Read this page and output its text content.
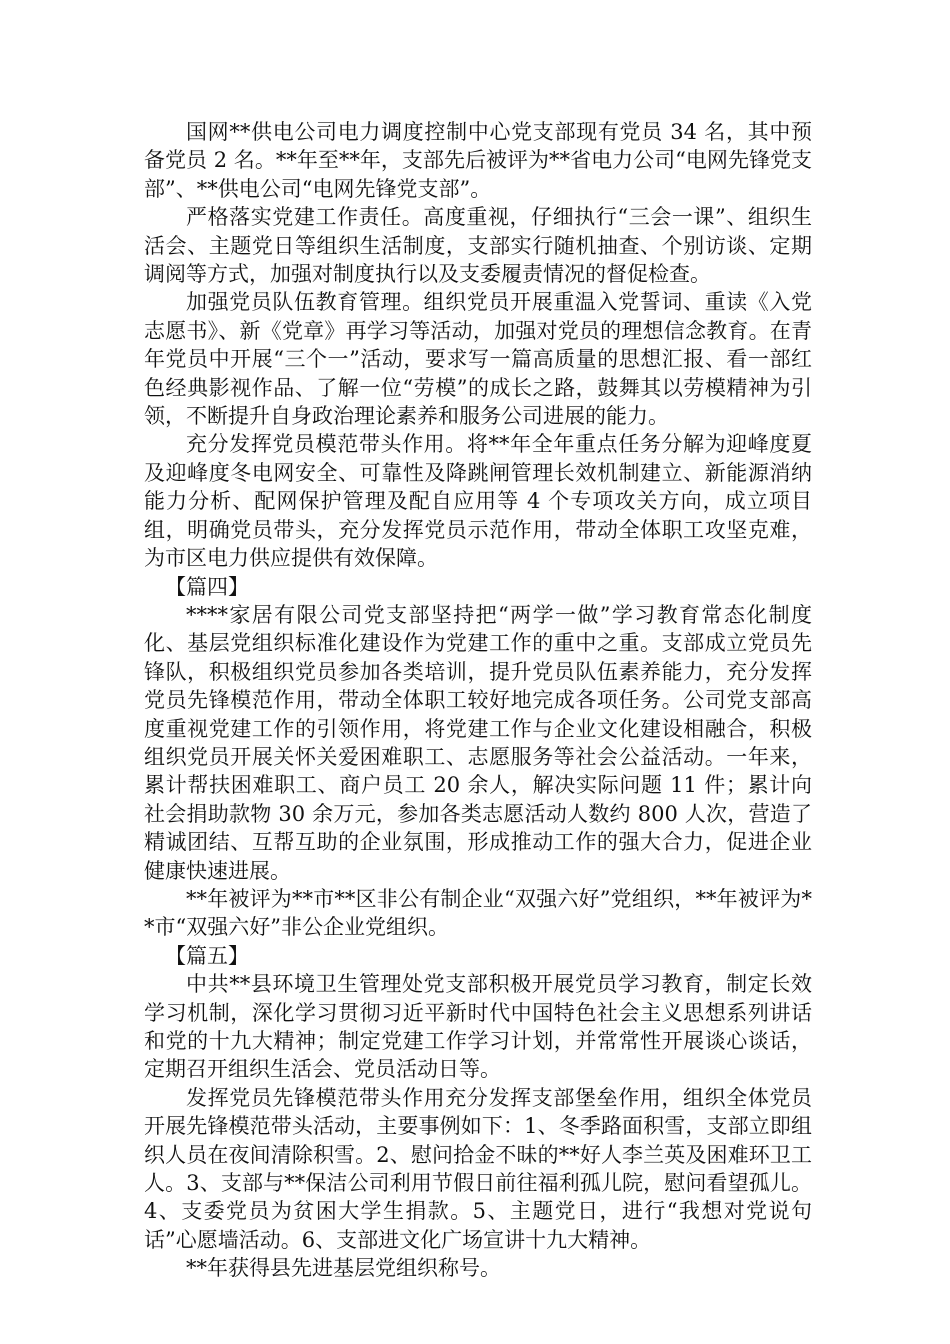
国网**供电公司电力调度控制中心党支部现有党员 34 名，其中预备党员 2 名。**年至**年，支部先后被评为**省电力公司“电网先锋党支部”、**供电公司“电网先锋党支部”。

严格落实党建工作责任。高度重视，仔细执行“三会一课”、组织生活会、主题党日等组织生活制度，支部实行随机抽查、个别访谈、定期调阅等方式，加强对制度执行以及支委履责情况的督促检查。

加强党员队伍教育管理。组织党员开展重温入党誓词、重读《入党志愿书》、新《党章》再学习等活动，加强对党员的理想信念教育。在青年党员中开展“三个一”活动，要求写一篇高质量的思想汇报、看一部红色经典影视作品、了解一位“劳模”的成长之路，鼓舞其以劳模精神为引领，不断提升自身政治理论素养和服务公司进展的能力。

充分发挥党员模范带头作用。将**年全年重点任务分解为迎峰度夏及迎峰度冬电网安全、可靠性及降跳闸管理长效机制建立、新能源消纳能力分析、配网保护管理及配自应用等 4 个专项攻关方向，成立项目组，明确党员带头，充分发挥党员示范作用，带动全体职工攻坚克难，为市区电力供应提供有效保障。

【篇四】

****家居有限公司党支部坚持把“两学一做”学习教育常态化制度化、基层党组织标准化建设作为党建工作的重中之重。支部成立党员先锋队，积极组织党员参加各类培训，提升党员队伍素养能力，充分发挥党员先锋模范作用，带动全体职工较好地完成各项任务。公司党支部高度重视党建工作的引领作用，将党建工作与企业文化建设相融合，积极组织党员开展关怀关爱困难职工、志愿服务等社会公益活动。一年来，累计帮扶困难职工、商户员工 20 余人，解决实际问题 11 件；累计向社会捐助款物 30 余万元，参加各类志愿活动人数约 800 人次，营造了精诚团结、互帮互助的企业氛围，形成推动工作的强大合力，促进企业健康快速进展。

**年被评为**市**区非公有制企业“双强六好”党组织，**年被评为**市“双强六好”非公企业党组织。

【篇五】

中共**县环境卫生管理处党支部积极开展党员学习教育，制定长效学习机制，深化学习贯彻习近平新时代中国特色社会主义思想系列讲话和党的十九大精神；制定党建工作学习计划，并常常性开展谈心谈话，定期召开组织生活会、党员活动日等。

发挥党员先锋模范带头作用充分发挥支部堡垒作用，组织全体党员开展先锋模范带头活动，主要事例如下：1、冬季路面积雪，支部立即组织人员在夜间清除积雪。2、慰问拾金不昧的**好人李兰英及困难环卫工人。3、支部与**保洁公司利用节假日前往福利孤儿院，慰问看望孤儿。4、支委党员为贫困大学生捐款。5、主题党日，进行“我想对党说句话”心愿墙活动。6、支部进文化广场宣讲十九大精神。

**年获得县先进基层党组织称号。
